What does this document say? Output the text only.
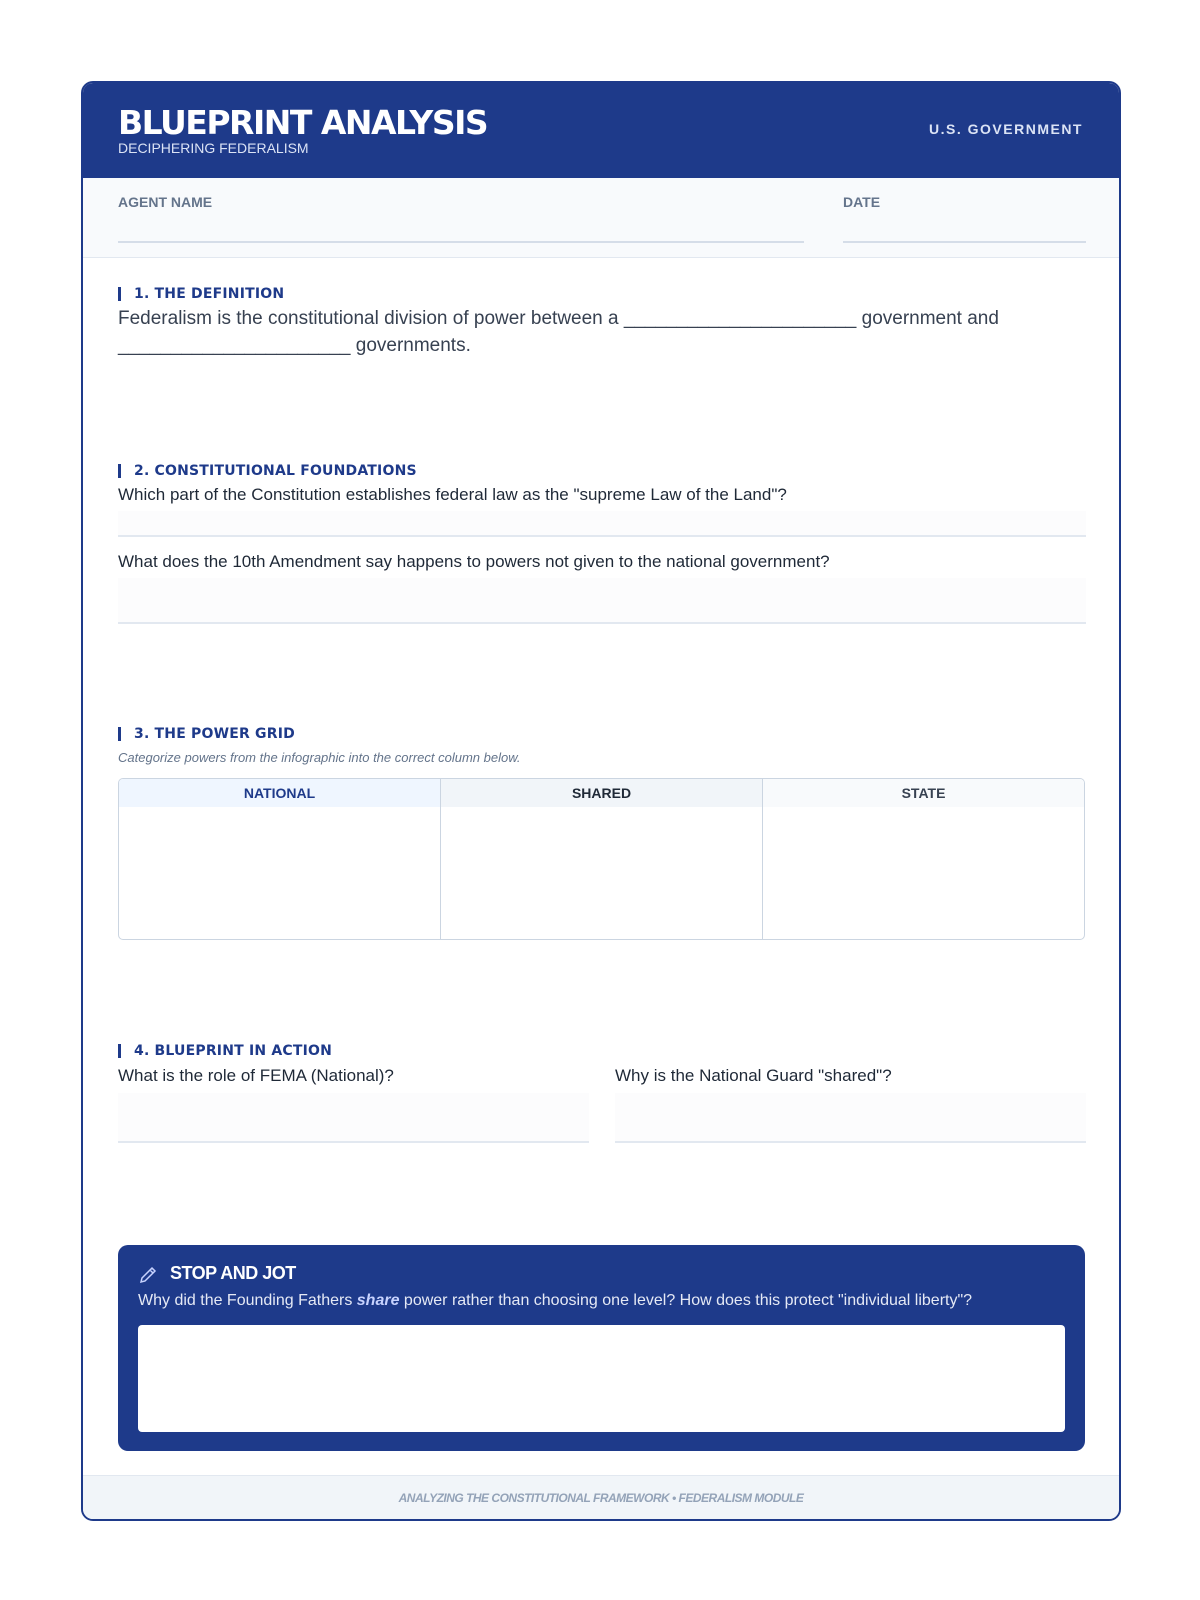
BLUEPRINT ANALYSIS
DECIPHERING FEDERALISM
U.S. GOVERNMENT
AGENT NAME	DATE
1. THE DEFINITION
Federalism is the constitutional division of power between a ______________________ government and
______________________ governments.
2. CONSTITUTIONAL FOUNDATIONS
Which part of the Constitution establishes federal law as the "supreme Law of the Land"?
What does the 10th Amendment say happens to powers not given to the national government?
3. THE POWER GRID
Categorize powers from the infographic into the correct column below.
NATIONAL	SHARED	STATE
4. BLUEPRINT IN ACTION
What is the role of FEMA (National)?	Why is the National Guard "shared"?
STOP AND JOT
Why did the Founding Fathers share power rather than choosing one level? How does this protect "individual liberty"?
ANALYZING THE CONSTITUTIONAL FRAMEWORK • FEDERALISM MODULE
